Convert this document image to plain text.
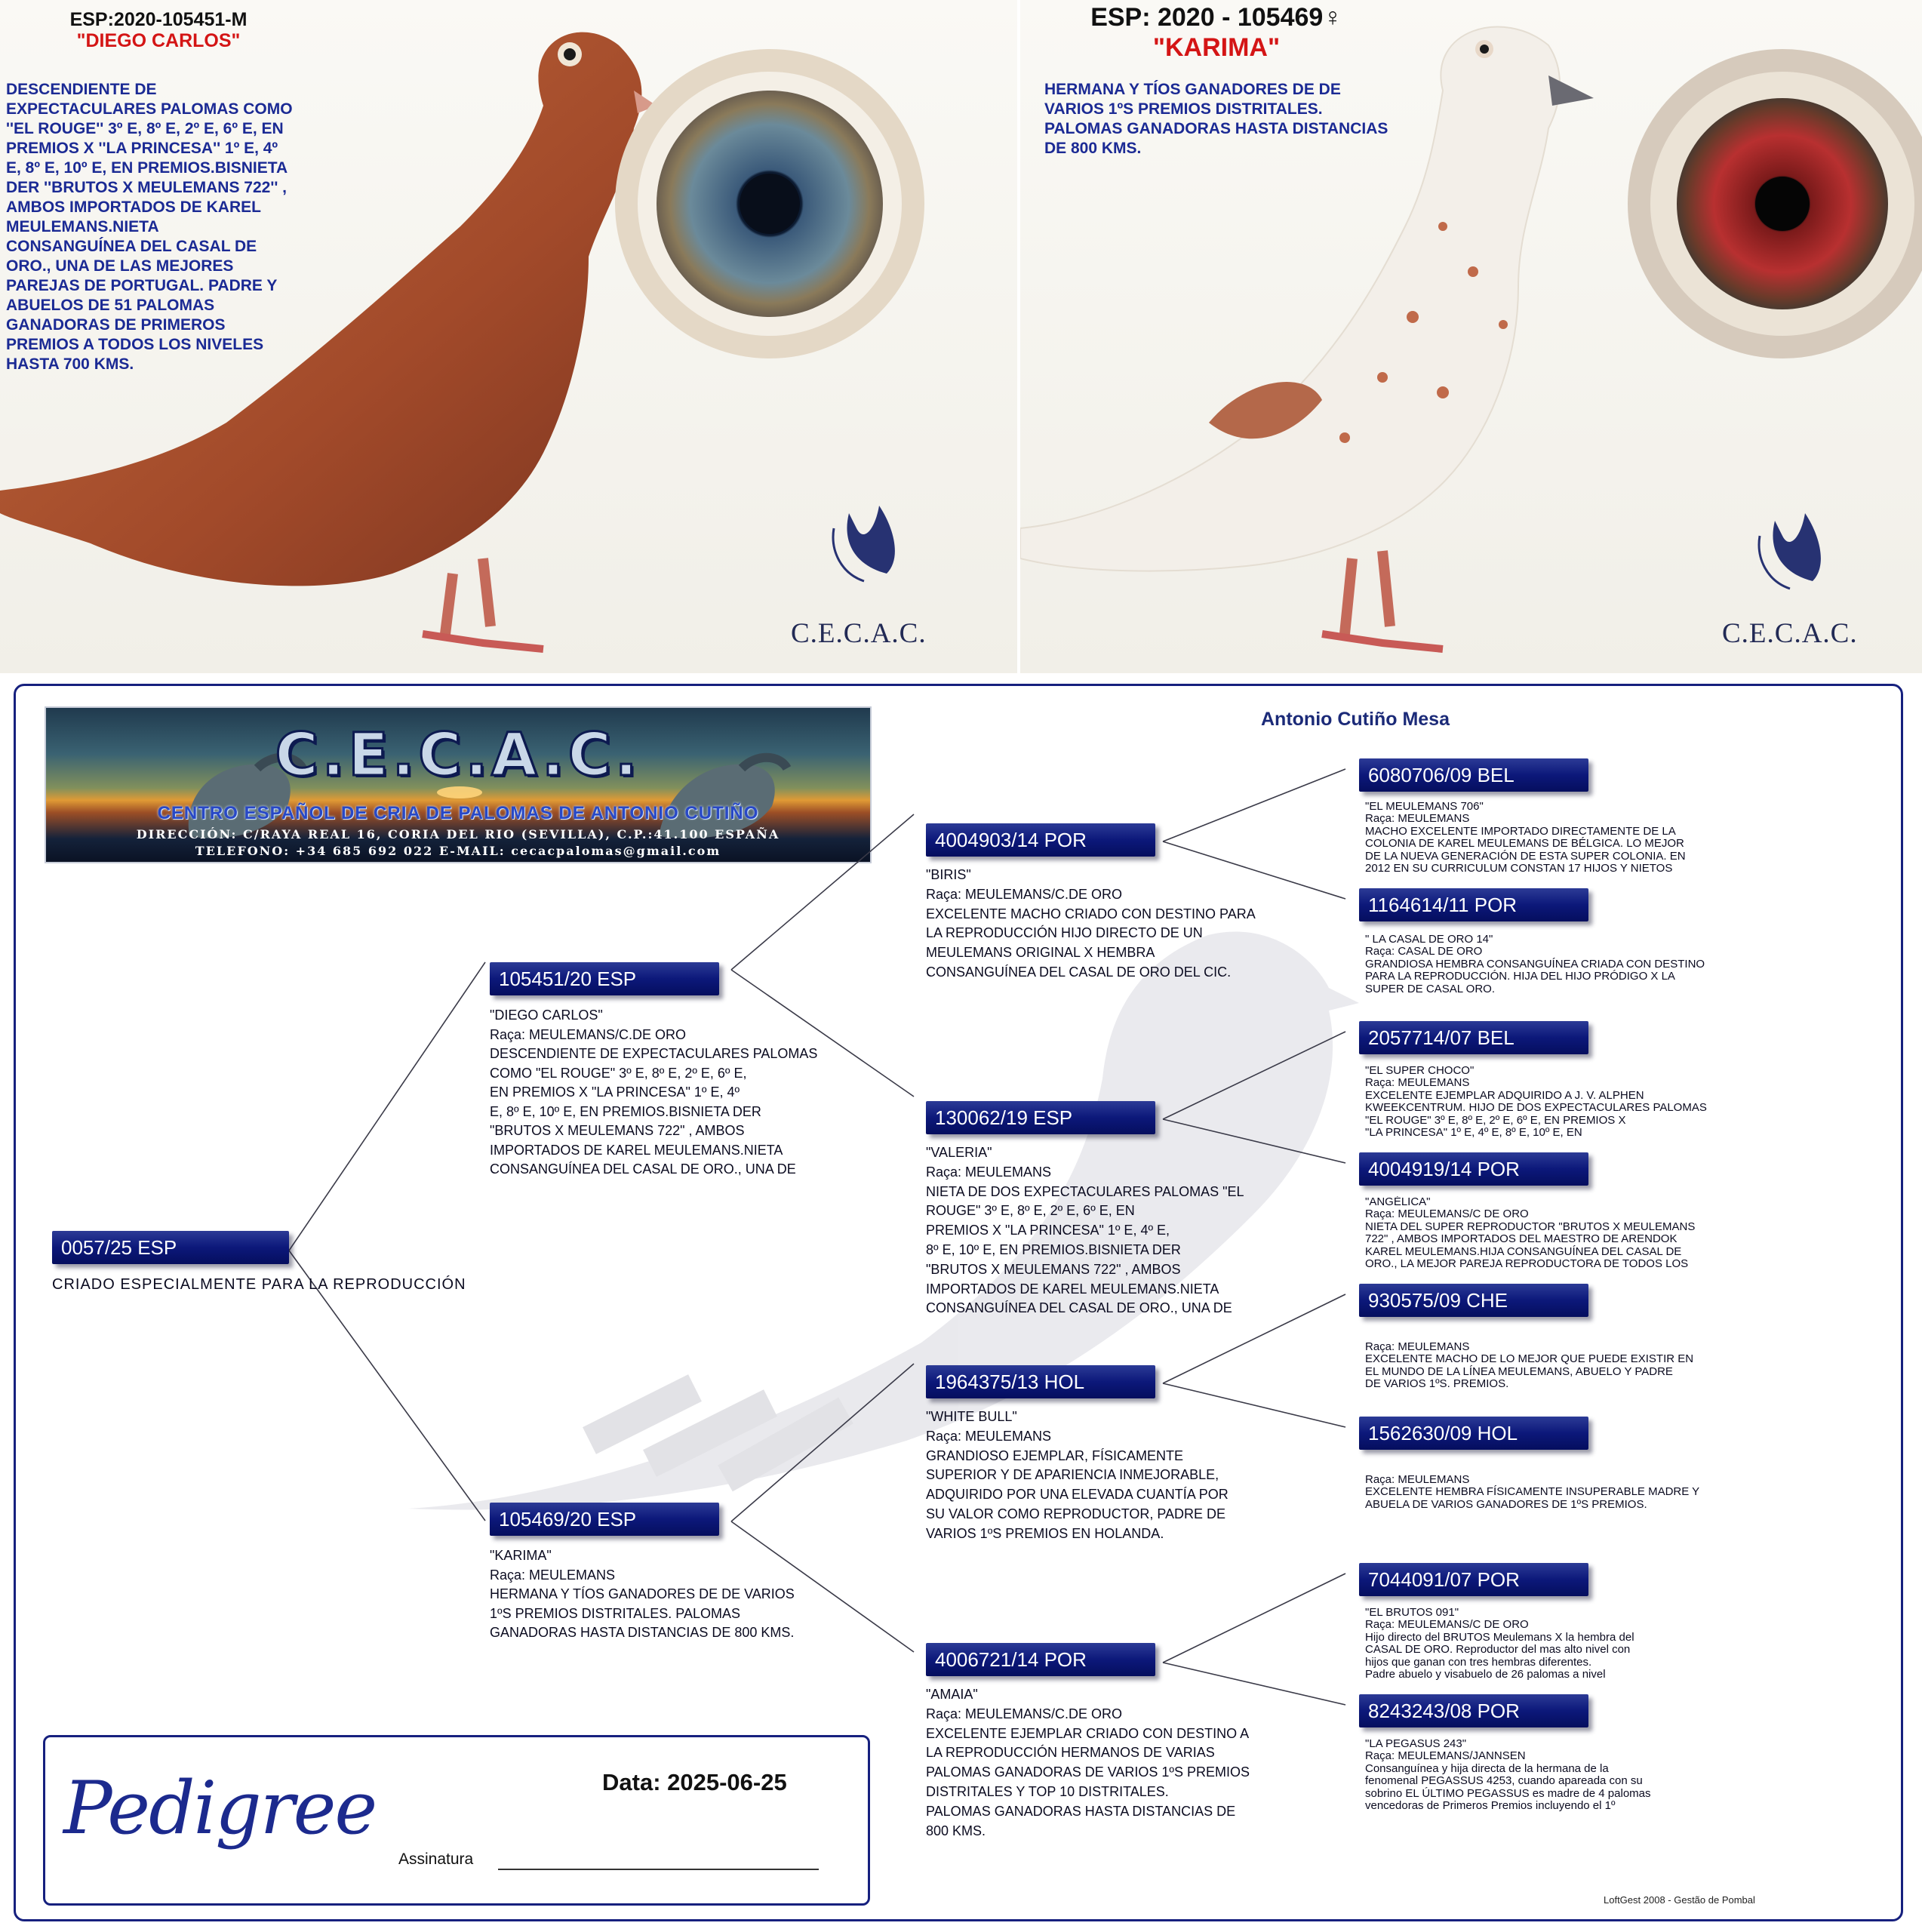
ESP:2020-105451-M
"DIEGO CARLOS"
DESCENDIENTE DE
EXPECTACULARES PALOMAS COMO
''EL ROUGE'' 3º E, 8º E, 2º E, 6º E, EN
PREMIOS X ''LA PRINCESA'' 1º E, 4º
E, 8º E, 10º E, EN PREMIOS.BISNIETA
DER ''BRUTOS X MEULEMANS 722'' ,
AMBOS IMPORTADOS DE KAREL
MEULEMANS.NIETA
CONSANGUÍNEA DEL CASAL DE
ORO., UNA DE LAS MEJORES
PAREJAS DE PORTUGAL. PADRE Y
ABUELOS DE 51 PALOMAS
GANADORAS DE PRIMEROS
PREMIOS A TODOS LOS NIVELES
HASTA 700 KMS.
C.E.C.A.C.
ESP: 2020 - 105469♀
"KARIMA"
HERMANA Y TÍOS GANADORES DE DE
VARIOS 1ºS PREMIOS DISTRITALES.
PALOMAS GANADORAS HASTA DISTANCIAS
DE 800 KMS.
C.E.C.A.C.
C.E.C.A.C.
CENTRO ESPAÑOL DE CRIA DE PALOMAS DE ANTONIO CUTIÑO
DIRECCIÓN: C/RAYA REAL 16, CORIA DEL RIO (SEVILLA), C.P.:41.100 ESPAÑA
TELEFONO: +34 685 692 022 E-MAIL: cecacpalomas@gmail.com
Antonio Cutiño Mesa
0057/25 ESP
CRIADO ESPECIALMENTE PARA LA REPRODUCCIÓN
105451/20 ESP
"DIEGO CARLOS"
Raça: MEULEMANS/C.DE ORO
DESCENDIENTE DE EXPECTACULARES PALOMAS
COMO "EL ROUGE" 3º E, 8º E, 2º E, 6º E,
EN PREMIOS X "LA PRINCESA" 1º E, 4º
E, 8º E, 10º E, EN PREMIOS.BISNIETA DER
"BRUTOS X MEULEMANS 722" , AMBOS
IMPORTADOS DE KAREL MEULEMANS.NIETA
CONSANGUÍNEA DEL CASAL DE ORO., UNA DE
105469/20 ESP
"KARIMA"
Raça: MEULEMANS
HERMANA Y TÍOS GANADORES DE DE VARIOS
1ºS PREMIOS DISTRITALES. PALOMAS
GANADORAS HASTA DISTANCIAS DE 800 KMS.
4004903/14 POR
"BIRIS"
Raça: MEULEMANS/C.DE ORO
EXCELENTE MACHO CRIADO CON DESTINO PARA
LA REPRODUCCIÓN HIJO DIRECTO DE UN
MEULEMANS ORIGINAL X HEMBRA
CONSANGUÍNEA DEL CASAL DE ORO DEL CIC.
130062/19 ESP
"VALERIA"
Raça: MEULEMANS
NIETA DE DOS EXPECTACULARES PALOMAS "EL
ROUGE" 3º E, 8º E, 2º E, 6º E, EN
PREMIOS X "LA PRINCESA" 1º E, 4º E,
8º E, 10º E, EN PREMIOS.BISNIETA DER
"BRUTOS X MEULEMANS 722" , AMBOS
IMPORTADOS DE KAREL MEULEMANS.NIETA
CONSANGUÍNEA DEL CASAL DE ORO., UNA DE
1964375/13 HOL
"WHITE BULL"
Raça: MEULEMANS
GRANDIOSO EJEMPLAR, FÍSICAMENTE
SUPERIOR Y DE APARIENCIA INMEJORABLE,
ADQUIRIDO POR UNA ELEVADA CUANTÍA POR
SU VALOR COMO REPRODUCTOR, PADRE DE
VARIOS 1ºS PREMIOS EN HOLANDA.
4006721/14 POR
"AMAIA"
Raça: MEULEMANS/C.DE ORO
EXCELENTE EJEMPLAR CRIADO CON DESTINO A
LA REPRODUCCIÓN HERMANOS DE VARIAS
PALOMAS GANADORAS DE VARIOS 1ºS PREMIOS
DISTRITALES Y TOP 10 DISTRITALES.
PALOMAS GANADORAS HASTA DISTANCIAS DE
800 KMS.
6080706/09 BEL
"EL MEULEMANS 706"
Raça: MEULEMANS
MACHO EXCELENTE IMPORTADO DIRECTAMENTE DE LA
COLONIA DE KAREL MEULEMANS DE BÉLGICA. LO MEJOR
DE LA NUEVA GENERACIÓN DE ESTA SUPER COLONIA. EN
2012 EN SU CURRICULUM CONSTAN 17 HIJOS Y NIETOS
1164614/11 POR
" LA CASAL DE ORO 14"
Raça: CASAL DE ORO
GRANDIOSA HEMBRA CONSANGUÍNEA CRIADA CON DESTINO
PARA LA REPRODUCCIÓN. HIJA DEL HIJO PRÓDIGO X LA
SUPER DE CASAL ORO.
2057714/07 BEL
"EL SUPER CHOCO"
Raça: MEULEMANS
EXCELENTE EJEMPLAR ADQUIRIDO A J. V. ALPHEN
KWEEKCENTRUM. HIJO DE DOS EXPECTACULARES PALOMAS
"EL ROUGE" 3º E, 8º E, 2º E, 6º E, EN PREMIOS X
"LA PRINCESA" 1º E, 4º E, 8º E, 10º E, EN
4004919/14 POR
"ANGÉLICA"
Raça: MEULEMANS/C DE ORO
NIETA DEL SUPER REPRODUCTOR "BRUTOS X MEULEMANS
722" , AMBOS IMPORTADOS DEL MAESTRO DE ARENDOK
KAREL MEULEMANS.HIJA CONSANGUÍNEA DEL CASAL DE
ORO., LA MEJOR PAREJA REPRODUCTORA DE TODOS LOS
930575/09 CHE
Raça: MEULEMANS
EXCELENTE MACHO DE LO MEJOR QUE PUEDE EXISTIR EN
EL MUNDO DE LA LÍNEA MEULEMANS, ABUELO Y PADRE
DE VARIOS 1ºS. PREMIOS.
1562630/09 HOL
Raça: MEULEMANS
EXCELENTE HEMBRA FÍSICAMENTE INSUPERABLE MADRE Y
ABUELA DE VARIOS GANADORES DE 1ºS PREMIOS.
7044091/07 POR
"EL BRUTOS 091"
Raça: MEULEMANS/C DE ORO
Hijo directo del BRUTOS Meulemans X la hembra del
CASAL DE ORO. Reproductor del mas alto nivel con
hijos que ganan con tres hembras diferentes.
Padre abuelo y visabuelo de 26 palomas a nivel
8243243/08 POR
"LA PEGASUS 243"
Raça: MEULEMANS/JANNSEN
Consanguínea y hija directa de la hermana de la
fenomenal PEGASSUS 4253, cuando apareada con su
sobrino EL ÚLTIMO PEGASSUS es madre de 4 palomas
vencedoras de Primeros Premios incluyendo el 1º
Pedigree	Data: 2025-06-25
Assinatura
LoftGest 2008 - Gestão de Pombal
